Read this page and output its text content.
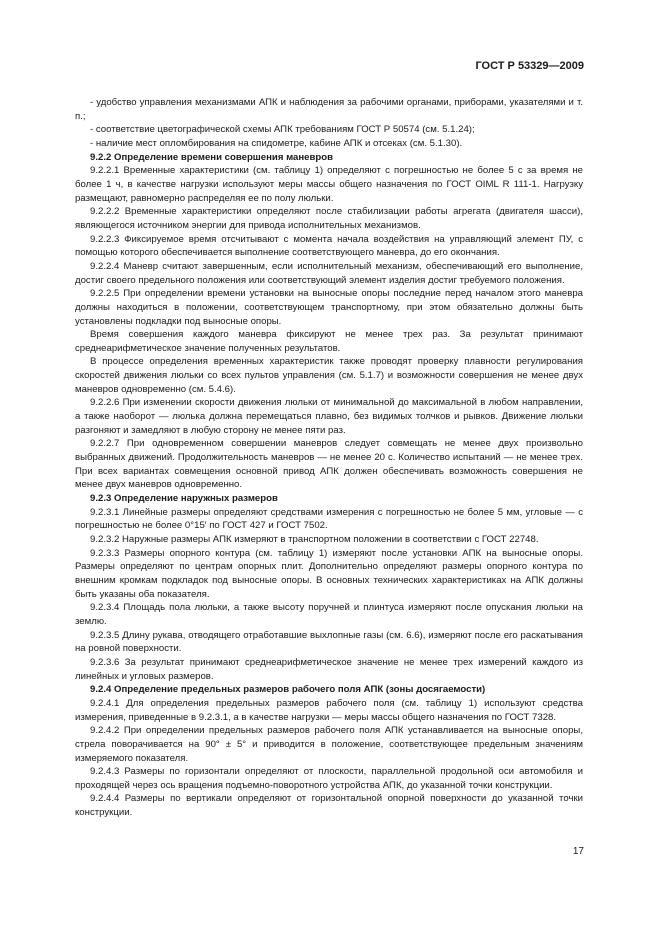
ГОСТ Р 53329—2009

- удобство управления механизмами АПК и наблюдения за рабочими органами, приборами, указателями и т. п.;

- соответствие цветографической схемы АПК требованиям ГОСТ Р 50574 (см. 5.1.24);

- наличие мест опломбирования на спидометре, кабине АПК и отсеках (см. 5.1.30).

9.2.2 Определение времени совершения маневров

9.2.2.1 Временные характеристики (см. таблицу 1) определяют с погрешностью не более 5 с за время не более 1 ч, в качестве нагрузки используют меры массы общего назначения по ГОСТ OIML R 111-1. Нагрузку размещают, равномерно распределяя ее по полу люльки.

9.2.2.2 Временные характеристики определяют после стабилизации работы агрегата (двигателя шасси), являющегося источником энергии для привода исполнительных механизмов.

9.2.2.3 Фиксируемое время отсчитывают с момента начала воздействия на управляющий элемент ПУ, с помощью которого обеспечивается выполнение соответствующего маневра, до его окончания.

9.2.2.4 Маневр считают завершенным, если исполнительный механизм, обеспечивающий его выполнение, достиг своего предельного положения или соответствующий элемент изделия достиг требуемого положения.

9.2.2.5 При определении времени установки на выносные опоры последние перед началом этого маневра должны находиться в положении, соответствующем транспортному, при этом обязательно должны быть установлены подкладки под выносные опоры.

Время совершения каждого маневра фиксируют не менее трех раз. За результат принимают среднеарифметическое значение полученных результатов.

В процессе определения временных характеристик также проводят проверку плавности регулирования скоростей движения люльки со всех пультов управления (см. 5.1.7) и возможности совершения не менее двух маневров одновременно (см. 5.4.6).

9.2.2.6 При изменении скорости движения люльки от минимальной до максимальной в любом направлении, а также наоборот — люлька должна перемещаться плавно, без видимых толчков и рывков. Движение люльки разгоняют и замедляют в любую сторону не менее пяти раз.

9.2.2.7 При одновременном совершении маневров следует совмещать не менее двух произвольно выбранных движений. Продолжительность маневров — не менее 20 с. Количество испытаний — не менее трех. При всех вариантах совмещения основной привод АПК должен обеспечивать возможность совершения не менее двух маневров одновременно.

9.2.3 Определение наружных размеров

9.2.3.1 Линейные размеры определяют средствами измерения с погрешностью не более 5 мм, угловые — с погрешностью не более 0°15′ по ГОСТ 427 и ГОСТ 7502.

9.2.3.2 Наружные размеры АПК измеряют в транспортном положении в соответствии с ГОСТ 22748.

9.2.3.3 Размеры опорного контура (см. таблицу 1) измеряют после установки АПК на выносные опоры. Размеры определяют по центрам опорных плит. Дополнительно определяют размеры опорного контура по внешним кромкам подкладок под выносные опоры. В основных технических характеристиках на АПК должны быть указаны оба показателя.

9.2.3.4 Площадь пола люльки, а также высоту поручней и плинтуса измеряют после опускания люльки на землю.

9.2.3.5 Длину рукава, отводящего отработавшие выхлопные газы (см. 6.6), измеряют после его раскатывания на ровной поверхности.

9.2.3.6 За результат принимают среднеарифметическое значение не менее трех измерений каждого из линейных и угловых размеров.

9.2.4 Определение предельных размеров рабочего поля АПК (зоны досягаемости)

9.2.4.1 Для определения предельных размеров рабочего поля (см. таблицу 1) используют средства измерения, приведенные в 9.2.3.1, а в качестве нагрузки — меры массы общего назначения по ГОСТ 7328.

9.2.4.2 При определении предельных размеров рабочего поля АПК устанавливается на выносные опоры, стрела поворачивается на 90° ± 5° и приводится в положение, соответствующее предельным значениям измеряемого показателя.

9.2.4.3 Размеры по горизонтали определяют от плоскости, параллельной продольной оси автомобиля и проходящей через ось вращения подъемно-поворотного устройства АПК, до указанной точки конструкции.

9.2.4.4 Размеры по вертикали определяют от горизонтальной опорной поверхности до указанной точки конструкции.

17
